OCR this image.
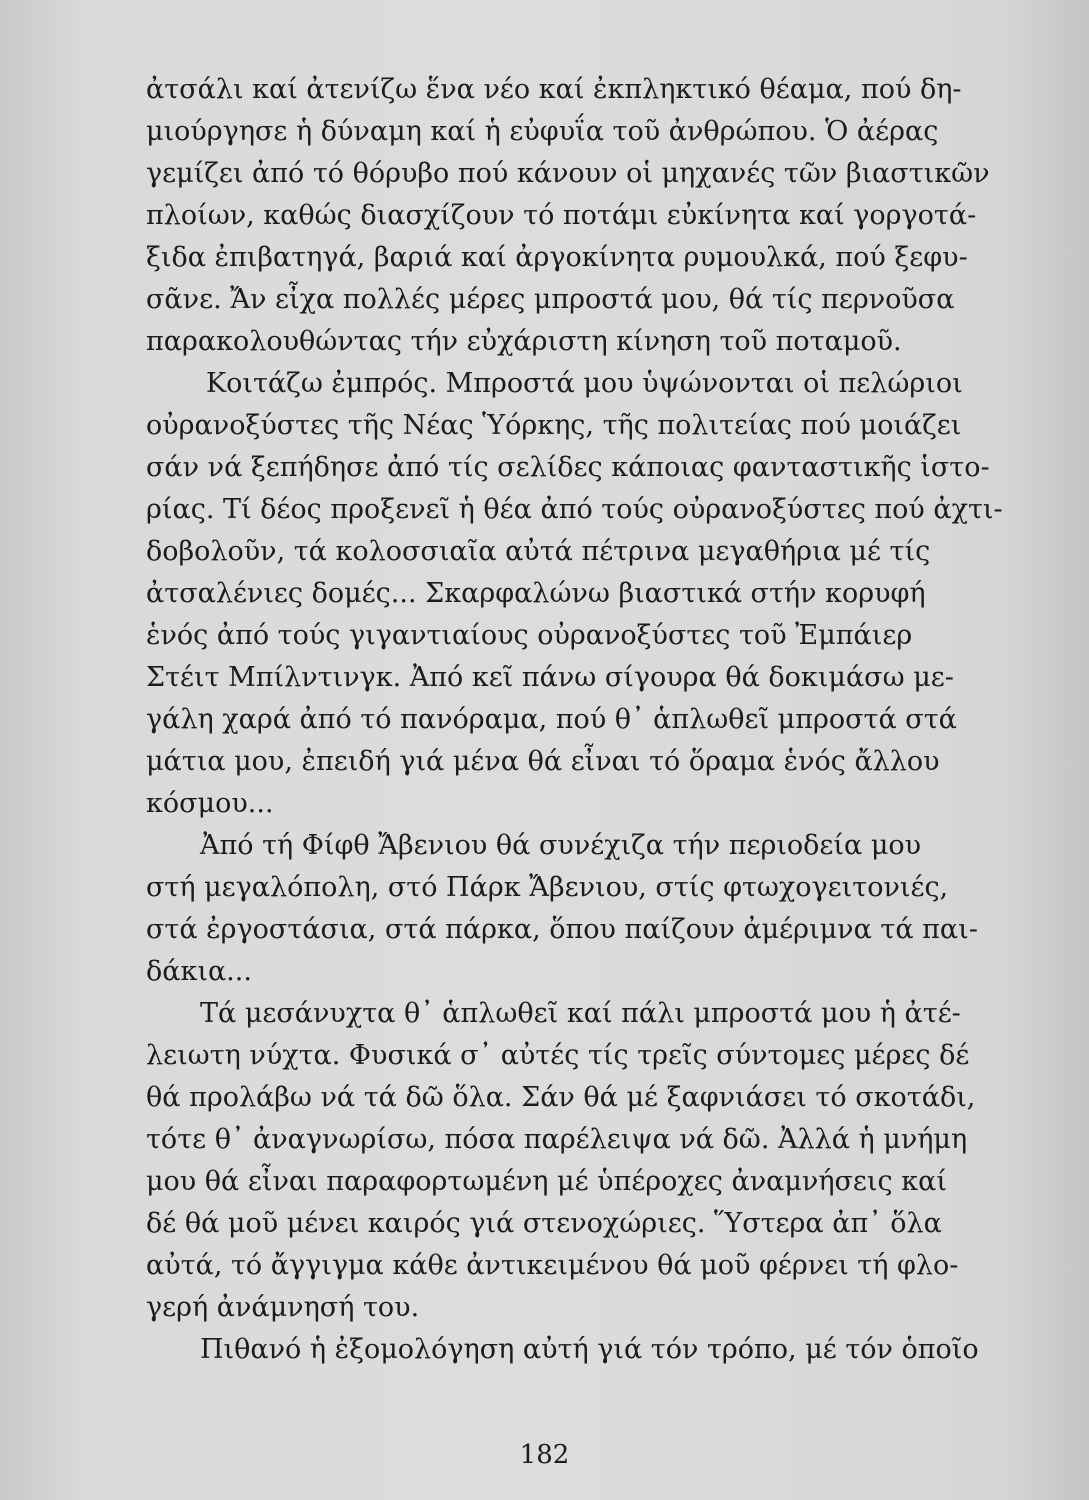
ἀτσάλι καί ἀτενίζω ἕνα νέο καί ἐκπληκτικό θέαμα, πού δη-
μιούργησε ἡ δύναμη καί ἡ εὐφυΐα τοῦ ἀνθρώπου. Ὁ ἀέρας
γεμίζει ἀπό τό θόρυβο πού κάνουν οἱ μηχανές τῶν βιαστικῶν
πλοίων, καθώς διασχίζουν τό ποτάμι εὐκίνητα καί γοργοτά-
ξιδα ἐπιβατηγά, βαριά καί ἀργοκίνητα ρυμουλκά, πού ξεφυ-
σᾶνε. Ἄν εἶχα πολλές μέρες μπροστά μου, θά τίς περνοῦσα
παρακολουθώντας τήν εὐχάριστη κίνηση τοῦ ποταμοῦ.
Κοιτάζω ἐμπρός. Μπροστά μου ὑψώνονται οἱ πελώριοι
οὐρανοξύστες τῆς Νέας Ὑόρκης, τῆς πολιτείας πού μοιάζει
σάν νά ξεπήδησε ἀπό τίς σελίδες κάποιας φανταστικῆς ἱστο-
ρίας. Τί δέος προξενεῖ ἡ θέα ἀπό τούς οὐρανοξύστες πού ἀχτι-
δοβολοῦν, τά κολοσσιαῖα αὐτά πέτρινα μεγαθήρια μέ τίς
ἀτσαλένιες δομές... Σκαρφαλώνω βιαστικά στήν κορυφή
ἑνός ἀπό τούς γιγαντιαίους οὐρανοξύστες τοῦ Ἐμπάιερ
Στέιτ Μπίλντινγκ. Ἀπό κεῖ πάνω σίγουρα θά δοκιμάσω με-
γάλη χαρά ἀπό τό πανόραμα, πού θ᾽ ἁπλωθεῖ μπροστά στά
μάτια μου, ἐπειδή γιά μένα θά εἶναι τό ὅραμα ἑνός ἄλλου
κόσμου...
Ἀπό τή Φίφθ Ἄβενιου θά συνέχιζα τήν περιοδεία μου
στή μεγαλόπολη, στό Πάρκ Ἄβενιου, στίς φτωχογειτονιές,
στά ἐργοστάσια, στά πάρκα, ὅπου παίζουν ἀμέριμνα τά παι-
δάκια...
Τά μεσάνυχτα θ᾽ ἁπλωθεῖ καί πάλι μπροστά μου ἡ ἀτέ-
λειωτη νύχτα. Φυσικά σ᾽ αὐτές τίς τρεῖς σύντομες μέρες δέ
θά προλάβω νά τά δῶ ὅλα. Σάν θά μέ ξαφνιάσει τό σκοτάδι,
τότε θ᾽ ἀναγνωρίσω, πόσα παρέλειψα νά δῶ. Ἀλλά ἡ μνήμη
μου θά εἶναι παραφορτωμένη μέ ὑπέροχες ἀναμνήσεις καί
δέ θά μοῦ μένει καιρός γιά στενοχώριες. Ὕστερα ἀπ᾽ ὅλα
αὐτά, τό ἄγγιγμα κάθε ἀντικειμένου θά μοῦ φέρνει τή φλο-
γερή ἀνάμνησή του.
Πιθανό ἡ ἐξομολόγηση αὐτή γιά τόν τρόπο, μέ τόν ὁποῖο
182
